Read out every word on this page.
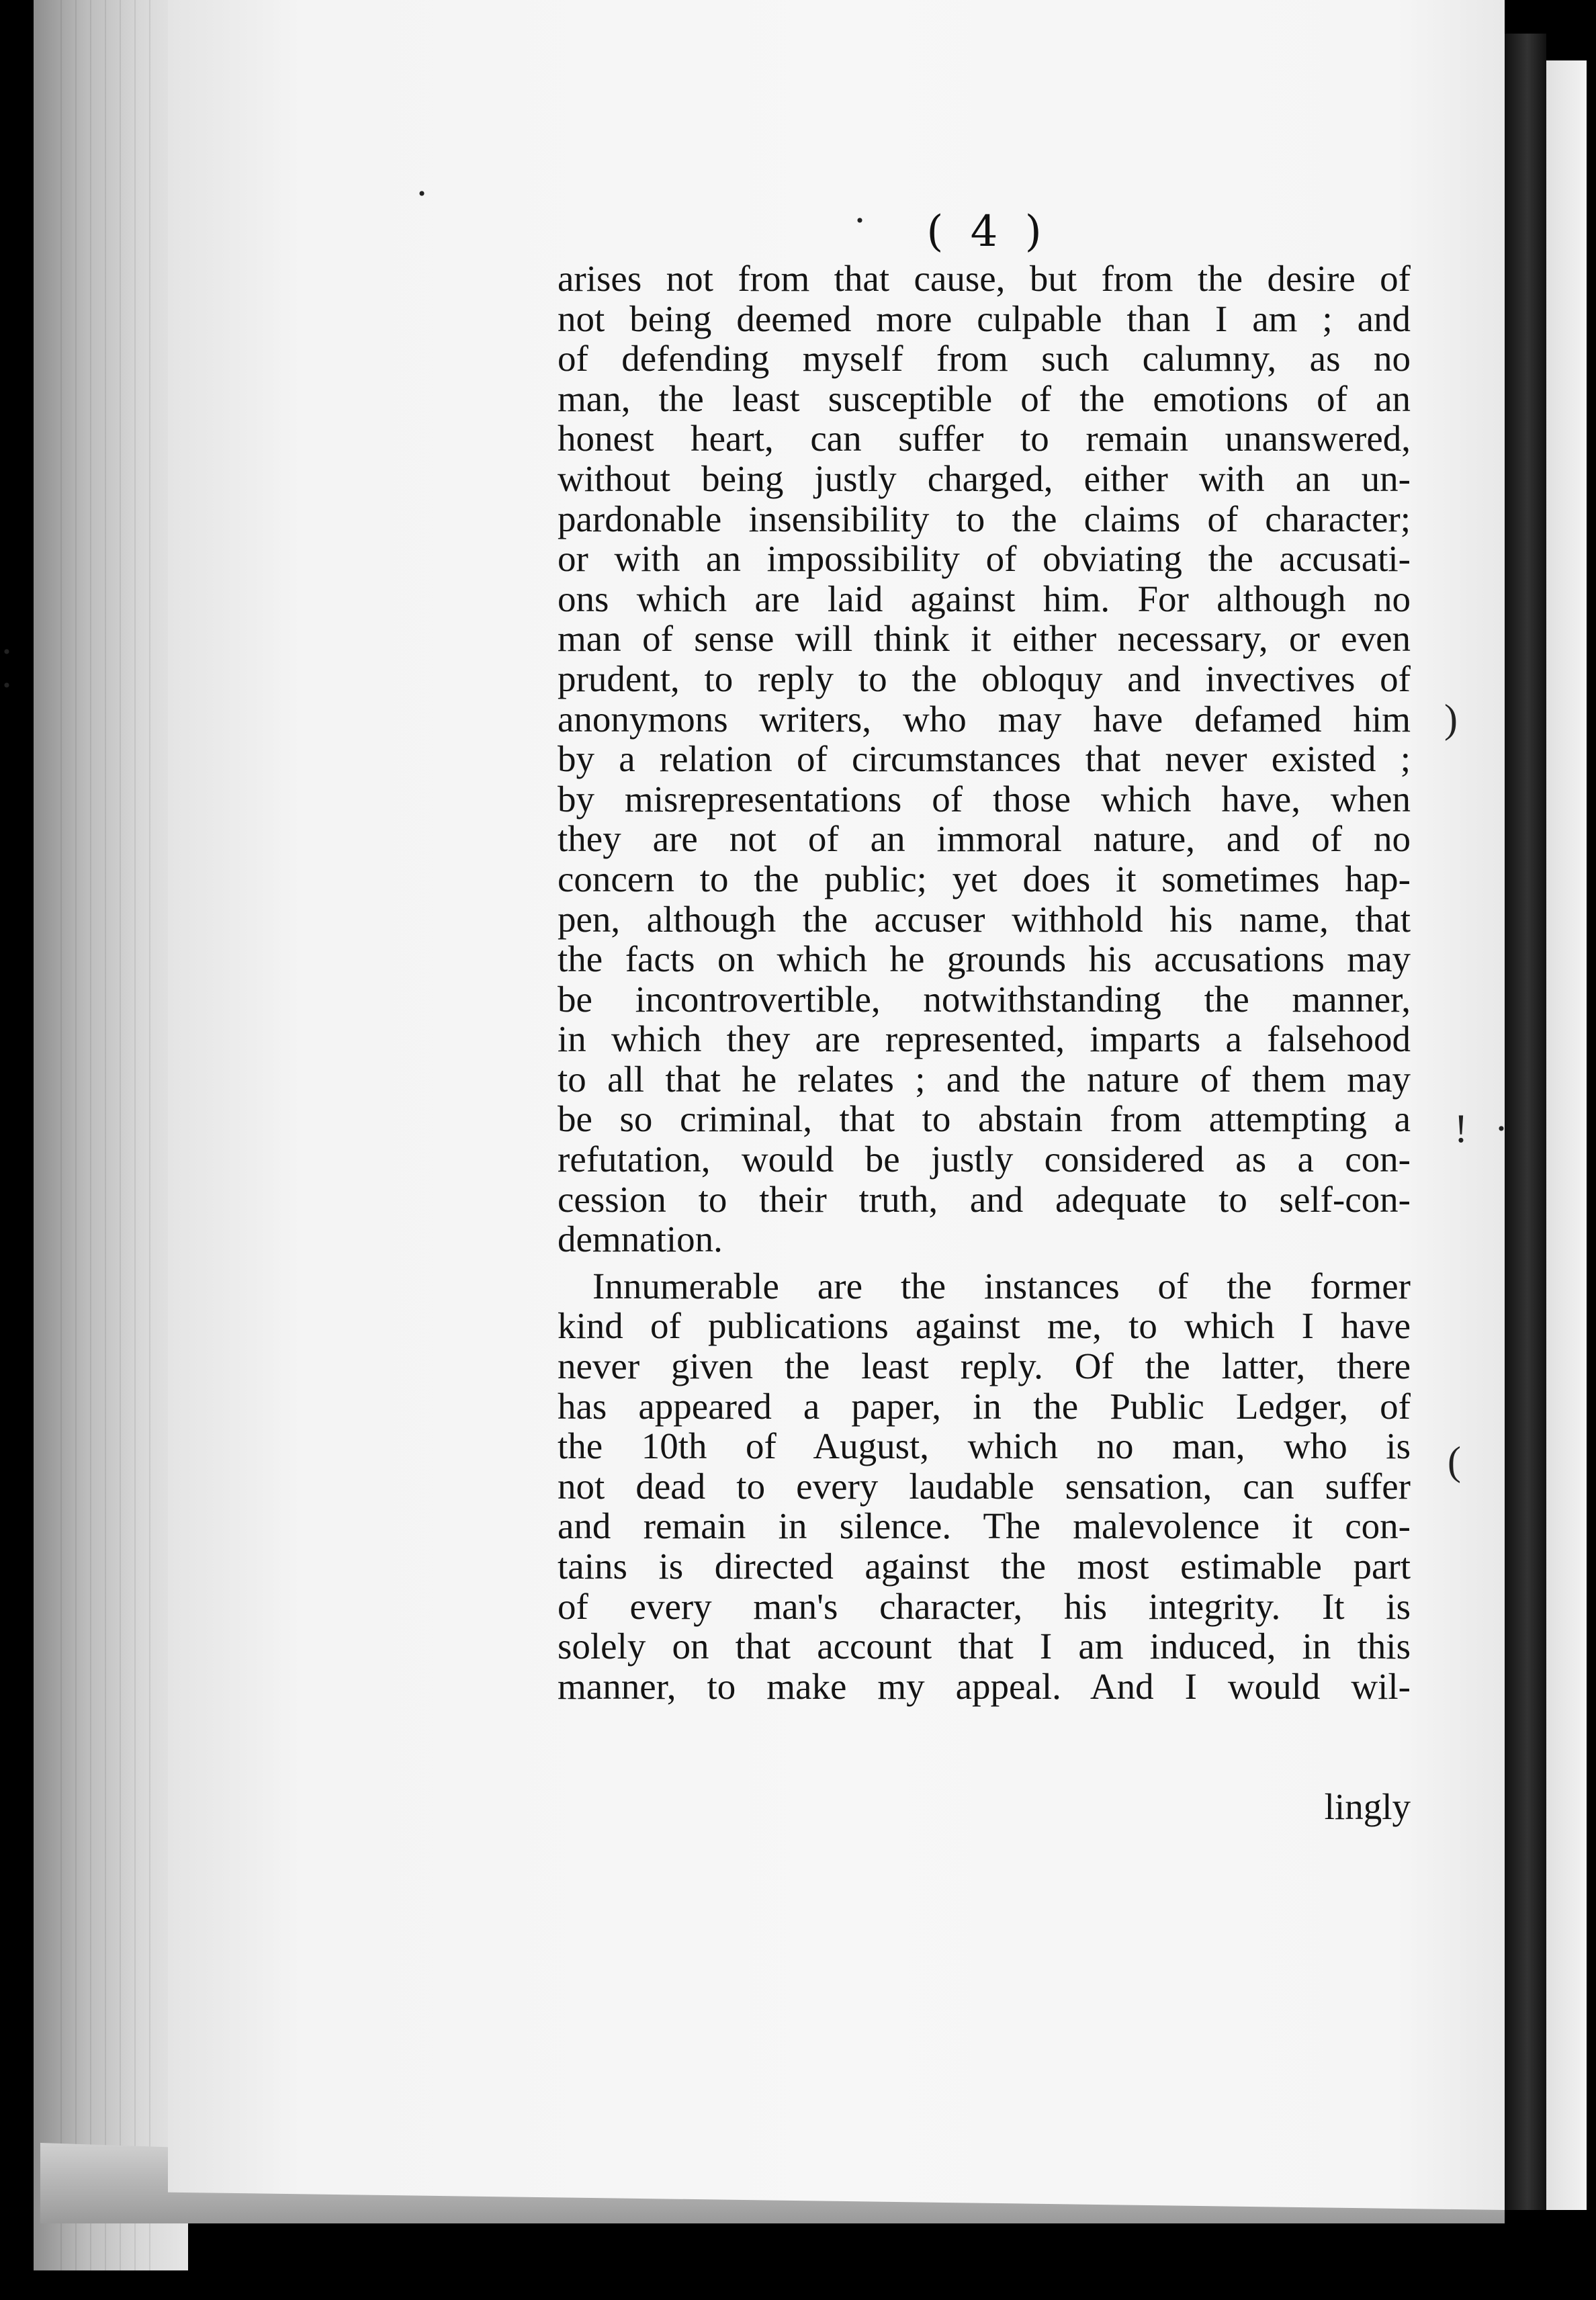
·
·
·
·
)
! ·
(
( 4 )

arises not from that cause, but from the desire of
not being deemed more culpable than I am ; and
of defending myself from such calumny, as no
man, the least susceptible of the emotions of an
honest heart, can suffer to remain unanswered,
without being justly charged, either with an un-
pardonable insensibility to the claims of character;
or with an impossibility of obviating the accusati-
ons which are laid against him. For although no
man of sense will think it either necessary, or even
prudent, to reply to the obloquy and invectives of
anonymons writers, who may have defamed him
by a relation of circumstances that never existed ;
by misrepresentations of those which have, when
they are not of an immoral nature, and of no
concern to the public; yet does it sometimes hap-
pen, although the accuser withhold his name, that
the facts on which he grounds his accusations may
be incontrovertible, notwithstanding the manner,
in which they are represented, imparts a falsehood
to all that he relates ; and the nature of them may
be so criminal, that to abstain from attempting a
refutation, would be justly considered as a con-
cession to their truth, and adequate to self-con-
demnation.

Innumerable are the instances of the former
kind of publications against me, to which I have
never given the least reply. Of the latter, there
has appeared a paper, in the Public Ledger, of
the 10th of August, which no man, who is
not dead to every laudable sensation, can suffer
and remain in silence. The malevolence it con-
tains is directed against the most estimable part
of every man's character, his integrity. It is
solely on that account that I am induced, in this
manner, to make my appeal. And I would wil-

lingly
